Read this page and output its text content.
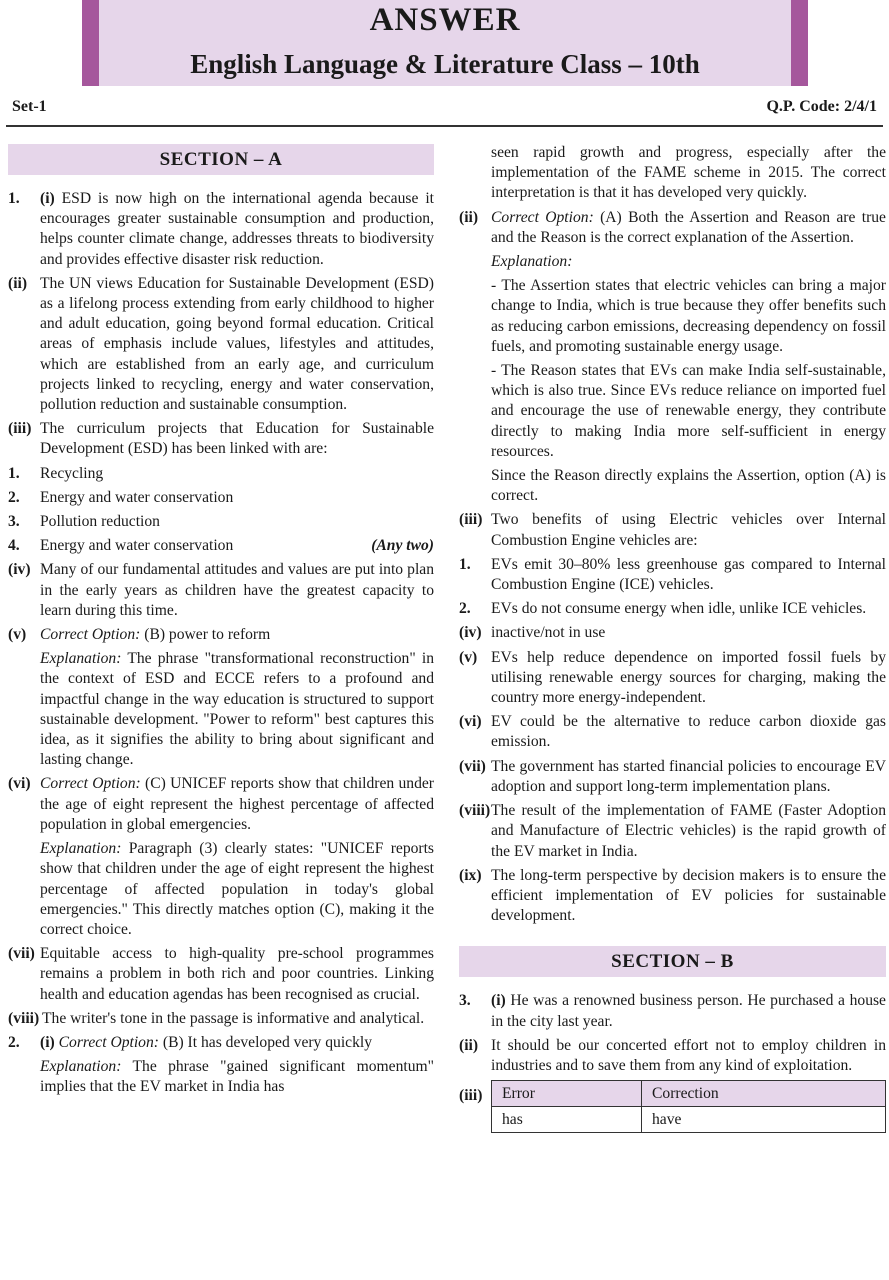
ANSWER
English Language & Literature Class – 10th
Set-1	Q.P. Code: 2/4/1
SECTION – A
1. (i) ESD is now high on the international agenda because it encourages greater sustainable consumption and production, helps counter climate change, addresses threats to biodiversity and provides effective disaster risk reduction.
(ii) The UN views Education for Sustainable Development (ESD) as a lifelong process extending from early childhood to higher and adult education, going beyond formal education. Critical areas of emphasis include values, lifestyles and attitudes, which are established from an early age, and curriculum projects linked to recycling, energy and water conservation, pollution reduction and sustainable consumption.
(iii) The curriculum projects that Education for Sustainable Development (ESD) has been linked with are:
1. Recycling
2. Energy and water conservation
3. Pollution reduction
4. Energy and water conservation	(Any two)
(iv) Many of our fundamental attitudes and values are put into plan in the early years as children have the greatest capacity to learn during this time.
(v) Correct Option: (B) power to reform
Explanation: The phrase "transformational reconstruction" in the context of ESD and ECCE refers to a profound and impactful change in the way education is structured to support sustainable development. "Power to reform" best captures this idea, as it signifies the ability to bring about significant and lasting change.
(vi) Correct Option: (C) UNICEF reports show that children under the age of eight represent the highest percentage of affected population in global emergencies.
Explanation: Paragraph (3) clearly states: "UNICEF reports show that children under the age of eight represent the highest percentage of affected population in today's global emergencies." This directly matches option (C), making it the correct choice.
(vii) Equitable access to high-quality pre-school programmes remains a problem in both rich and poor countries. Linking health and education agendas has been recognised as crucial.
(viii) The writer's tone in the passage is informative and analytical.
2. (i) Correct Option: (B) It has developed very quickly
Explanation: The phrase "gained significant momentum" implies that the EV market in India has
seen rapid growth and progress, especially after the implementation of the FAME scheme in 2015. The correct interpretation is that it has developed very quickly.
(ii) Correct Option: (A) Both the Assertion and Reason are true and the Reason is the correct explanation of the Assertion.
Explanation:
- The Assertion states that electric vehicles can bring a major change to India, which is true because they offer benefits such as reducing carbon emissions, decreasing dependency on fossil fuels, and promoting sustainable energy usage.
- The Reason states that EVs can make India self-sustainable, which is also true. Since EVs reduce reliance on imported fuel and encourage the use of renewable energy, they contribute directly to making India more self-sufficient in energy resources.
Since the Reason directly explains the Assertion, option (A) is correct.
(iii) Two benefits of using Electric vehicles over Internal Combustion Engine vehicles are:
1. EVs emit 30–80% less greenhouse gas compared to Internal Combustion Engine (ICE) vehicles.
2. EVs do not consume energy when idle, unlike ICE vehicles.
(iv) inactive/not in use
(v) EVs help reduce dependence on imported fossil fuels by utilising renewable energy sources for charging, making the country more energy-independent.
(vi) EV could be the alternative to reduce carbon dioxide gas emission.
(vii) The government has started financial policies to encourage EV adoption and support long-term implementation plans.
(viii) The result of the implementation of FAME (Faster Adoption and Manufacture of Electric vehicles) is the rapid growth of the EV market in India.
(ix) The long-term perspective by decision makers is to ensure the efficient implementation of EV policies for sustainable development.
SECTION – B
3. (i) He was a renowned business person. He purchased a house in the city last year.
(ii) It should be our concerted effort not to employ children in industries and to save them from any kind of exploitation.
(iii) Error	Correction
has	have
